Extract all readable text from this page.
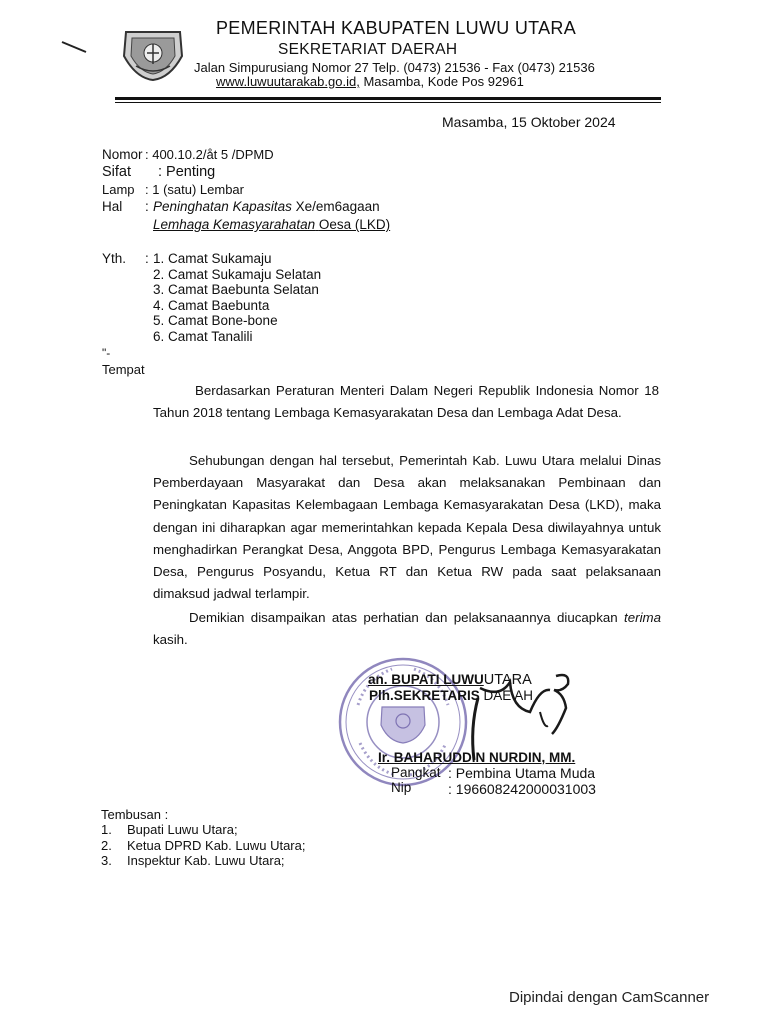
PEMERINTAH KABUPATEN LUWU UTARA
SEKRETARIAT DAERAH
Jalan Simpurusiang Nomor 27 Telp. (0473) 21536 - Fax (0473) 21536
www.luwuutarakab.go.id, Masamba, Kode Pos 92961
Masamba, 15 Oktober 2024
Nomor : 400.10.2/åt 5 /DPMD
Sifat : Penting
Lamp : 1 (satu) Lembar
Hal : Peninghatan Kapasitas Xe/em6agaan
Lemhaga Kemasyarahatan Oesa (LKD)
Yth. : 1. Camat Sukamaju
2. Camat Sukamaju Selatan
3. Camat Baebunta Selatan
4. Camat Baebunta
5. Camat Bone-bone
6. Camat Tanalili
"-
Tempat
Berdasarkan Peraturan Menteri Dalam Negeri Republik Indonesia Nomor 18 Tahun 2018 tentang Lembaga Kemasyarakatan Desa dan Lembaga Adat Desa.
Sehubungan dengan hal tersebut, Pemerintah Kab. Luwu Utara melalui Dinas Pemberdayaan Masyarakat dan Desa akan melaksanakan Pembinaan dan Peningkatan Kapasitas Kelembagaan Lembaga Kemasyarakatan Desa (LKD), maka dengan ini diharapkan agar memerintahkan kepada Kepala Desa diwilayahnya untuk menghadirkan Perangkat Desa, Anggota BPD, Pengurus Lembaga Kemasyarakatan Desa, Pengurus Posyandu, Ketua RT dan Ketua RW pada saat pelaksanaan dimaksud jadwal terlampir.
Demikian disampaikan atas perhatian dan pelaksanaannya diucapkan terima kasih.
an. BUPATI LUWUUTARA
Plh.SEKRETARIS DAE AH
Ir. BAHARUDDIN NURDIN, MM.
Pangkat : Pembina Utama Muda
Nip	: 196608242000031003
Tembusan :
1. Bupati Luwu Utara;
2. Ketua DPRD Kab. Luwu Utara;
3. Inspektur Kab. Luwu Utara;
Dipindai dengan CamScanner
